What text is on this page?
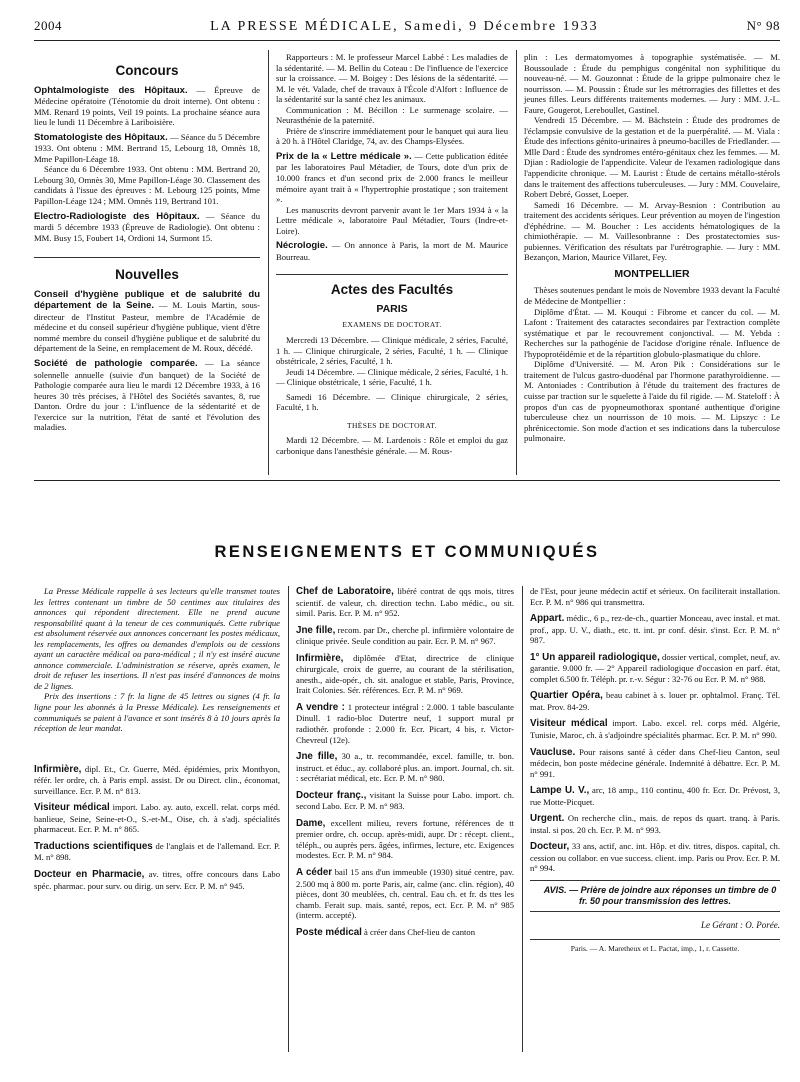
2004	LA PRESSE MÉDICALE, Samedi, 9 Décembre 1933	N° 98
Concours

Ophtalmologiste des Hôpitaux. — Épreuve de Médecine opératoire (Ténotomie du droit interne). Ont obtenu : MM. Renard 19 points, Veil 19 points. La prochaine séance aura lieu le lundi 11 Décembre à Lariboisière.

Stomatologiste des Hôpitaux. — Séance du 5 Décembre 1933. Ont obtenu : MM. Bertrand 15, Lebourg 18, Omnès 18, Mme Papillon-Léage 18.

Séance du 6 Décembre 1933. Ont obtenu : MM. Bertrand 20, Lebourg 30, Omnès 30, Mme Papillon-Léage 30. Classement des candidats à l'issue des épreuves : M. Lebourg 125 points, Mme Papillon-Léage 124 ; MM. Omnès 119, Bertrand 101.

Electro-Radiologiste des Hôpitaux. — Séance du mardi 5 décembre 1933 (Épreuve de Radiologie). Ont obtenu : MM. Busy 15, Foubert 14, Ordioni 14, Surmont 15.

Nouvelles

Conseil d'hygiène publique et de salubrité du département de la Seine. — M. Louis Martin, sous-directeur de l'Institut Pasteur, membre de l'Académie de médecine et du conseil supérieur d'hygiène publique, vient d'être nommé membre du conseil d'hygiène publique et de salubrité du département de la Seine, en remplacement de M. Roux, décédé.

Société de pathologie comparée. — La séance solennelle annuelle (suivie d'un banquet) de la Société de Pathologie comparée aura lieu le mardi 12 Décembre 1933, à 16 heures 30 très précises, à l'Hôtel des Sociétés savantes, 8, rue Danton. Ordre du jour : L'influence de la sédentarité et de l'exercice sur la nutrition, l'état de santé et l'évolution des maladies.

Rapporteurs : M. le professeur Marcel Labbé : Les maladies de la sédentarité. — M. Bellin du Coteau : De l'influence de l'exercice sur la croissance. — M. Boigey : Des lésions de la sédentarité. — M. le vét. Valade, chef de travaux à l'École d'Alfort : Influence de la sédentarité sur la santé chez les animaux.

Communication : M. Bécillon : Le surmenage scolaire. — Neurasthénie de la paternité.

Prière de s'inscrire immédiatement pour le banquet qui aura lieu à 20 h. à l'Hôtel Claridge, 74, av. des Champs-Elysées.

Prix de la « Lettre médicale ». — Cette publication éditée par les laboratoires Paul Métadier, de Tours, dote d'un prix de 10.000 francs et d'un second prix de 2.000 francs le meilleur mémoire ayant trait à « l'hypertrophie prostatique ; son traitement ».

Les manuscrits devront parvenir avant le 1er Mars 1934 à « la Lettre médicale », laboratoire Paul Métadier, Tours (Indre-et-Loire).

Nécrologie. — On annonce à Paris, la mort de M. Maurice Bourreau.

Actes des Facultés
PARIS

EXAMENS DE DOCTORAT.

Mercredi 13 Décembre. — Clinique médicale, 2 séries, Faculté, 1 h. — Clinique chirurgicale, 2 séries, Faculté, 1 h. — Clinique obstétricale, 2 séries, Faculté, 1 h.

Jeudi 14 Décembre. — Clinique médicale, 2 séries, Faculté, 1 h. — Clinique obstétricale, 1 série, Faculté, 1 h.

Samedi 16 Décembre. — Clinique chirurgicale, 2 séries, Faculté, 1 h.

THÈSES DE DOCTORAT.

Mardi 12 Décembre. — M. Lardenois : Rôle et emploi du gaz carbonique dans l'anesthésie générale. — M. Rous-

plin : Les dermatomyomes à topographie systématisée. — M. Boussoulade : Étude du pemphigus congénital non syphilitique du nouveau-né. — M. Gouzonnat : Étude de la grippe pulmonaire chez le nourrisson. — M. Poussin : Étude sur les métrorragies des fillettes et des jeunes filles. Leurs différents traitements modernes. — Jury : MM. J.-L. Faure, Gougerot, Lereboullet, Gastinel.

Vendredi 15 Décembre. — M. Bächstein : Étude des prodromes de l'éclampsie convulsive de la gestation et de la puerpéralité. — M. Viala : Étude des infections génito-urinaires à pneumo-bacilles de Friedlander. — Mlle Dard : Étude des syndromes entéro-génitaux chez les femmes. — M. Djian : Radiologie de l'appendicite. Valeur de l'examen radiologique dans l'appendicite chronique. — M. Laurist : Étude de certains métallo-stérols dans le traitement des affections tuberculeuses. — Jury : MM. Couvelaire, Robert Debré, Gosset, Loeper.

Samedi 16 Décembre. — M. Arvay-Besnion : Contribution au traitement des accidents sériques. Leur prévention au moyen de l'ingestion d'éphédrine. — M. Boucher : Les accidents hématologiques de la chimiothérapie. — M. Vaillesonbranne : Des prostatectomies sus-pubiennes. Vérification des résultats par l'urétrographie. — Jury : MM. Bezançon, Marion, Maurice Villaret, Fey.

MONTPELLIER

Thèses soutenues pendant le mois de Novembre 1933 devant la Faculté de Médecine de Montpellier :

Diplôme d'État. — M. Kouqui : Fibrome et cancer du col. — M. Lafont : Traitement des cataractes secondaires par l'extraction complète systématique et par le recouvrement conjonctival. — M. Yebda : Recherches sur la pathogénie de l'acidose d'origine rénale. Influence de l'hypoprotéidémie et de la répartition globulo-plasmatique du chlore.

Diplôme d'Université. — M. Aron Pik : Considérations sur le traitement de l'ulcus gastro-duodénal par l'hormone parathyroïdienne. — M. Antoniades : Contribution à l'étude du traitement des fractures de cuisse par traction sur le squelette à l'aide du fil rigide. — M. Stateloff : À propos d'un cas de pyopneumothorax spontané authentique d'origine tuberculeuse chez un nourrisson de 10 mois. — M. Lipszyc : Le phrénicectomie. Son mode d'action et ses indications dans la tuberculose pulmonaire.

RENSEIGNEMENTS ET COMMUNIQUÉS

La Presse Médicale rappelle à ses lecteurs qu'elle transmet toutes les lettres contenant un timbre de 50 centimes aux titulaires des annonces qui répondent directement. Elle ne prend aucune responsabilité quant à la teneur de ces communiqués. Cette rubrique est absolument réservée aux annonces concernant les postes médicaux, les remplacements, les offres ou demandes d'emplois ou de cessions ayant un caractère médical ou para-médical ; il n'y est inséré aucune annonce commerciale. L'administration se réserve, après examen, le droit de refuser les insertions. Il n'est pas inséré d'annonces de moins de 2 lignes.

Prix des insertions : 7 fr. la ligne de 45 lettres ou signes (4 fr. la ligne pour les abonnés à la Presse Médicale). Les renseignements et communiqués se paient à l'avance et sont insérés 8 à 10 jours après la réception de leur mandat.

Infirmière, dipl. Et., Cr. Guerre, Méd. épidémies, prix Monthyon, référ. ler ordre, ch. à Paris empl. assist. Dr ou Direct. clin., économat, surveillance. Ecr. P. M. n° 813.

Visiteur médical import. Labo. ay. auto, excell. relat. corps méd. banlieue, Seine, Seine-et-O., S.-et-M., Oise, ch. à s'adj. spécialités pharmaceut. Ecr. P. M. n° 865.

Traductions scientifiques de l'anglais et de l'allemand. Ecr. P. M. n° 898.

Docteur en Pharmacie, av. titres, offre concours dans Labo spéc. pharmac. pour surv. ou dirig. un serv. Ecr. P. M. n° 945.

Chef de Laboratoire, libéré contrat de qqs mois, titres scientif. de valeur, ch. direction techn. Labo médic., ou sit. simil. Paris. Ecr. P. M. n° 952.

Jne fille, recom. par Dr., cherche pl. infirmière volontaire de clinique privée. Seule condition au pair. Ecr. P. M. n° 967.

Infirmière, diplômée d'Etat, directrice de clinique chirurgicale, croix de guerre, au courant de la stérilisation, anesth., aide-opér., ch. sit. analogue et stable, Paris, Province, Irait Colonies. Sér. références. Ecr. P. M. n° 969.

A vendre : 1 protecteur intégral : 2.000. 1 table basculante Dinull. 1 radio-bloc Dutertre neuf, 1 support mural pr radiothér. profonde : 2.000 fr. Ecr. Picart, 4 bis, r. Victor-Chevreul (12e).

Jne fille, 30 a., tr. recommandée, excel. famille, tr. bon. instruct. et éduc., ay. collaboré plus. an. import. Journal, ch. sit. : secrétariat médical, etc. Ecr. P. M. n° 980.

Docteur franç., visitant la Suisse pour Labo. import. ch. second Labo. Ecr. P. M. n° 983.

Dame, excellent milieu, revers fortune, références de tt premier ordre, ch. occup. après-midi, aupr. Dr : récept. client., téléph., ou auprès pers. âgées, infirmes, lecture, etc. Exigences modestes. Ecr. P. M. n° 984.

A céder bail 15 ans d'un immeuble (1930) situé centre, pav. 2.500 mq à 800 m. porte Paris, air, calme (anc. clin. région), 40 pièces, dont 30 meublées, ch. central. Eau ch. et fr. ds ttes les chamb. Ferait sup. mais. santé, repos, ect. Ecr. P. M. n° 985 (interm. accepté).

Poste médical à créer dans Chef-lieu de canton

de l'Est, pour jeune médecin actif et sérieux. On faciliterait installation. Ecr. P. M. n° 986 qui transmettra.

Appart. médic., 6 p., rez-de-ch., quartier Monceau, avec instal. et mat. prof., app. U. V., diath., etc. tt. int. pr conf. désir. s'inst. Ecr. P. M. n° 987.

1° Un appareil radiologique, dossier vertical, complet, neuf, av. garantie. 9.000 fr. — 2° Appareil radiologique d'occasion en parf. état, complet 6.500 fr. Téléph. pr. r.-v. Ségur : 32-76 ou Ecr. P. M. n° 988.

Quartier Opéra, beau cabinet à s. louer pr. ophtalmol. Franç. Tél. mat. Prov. 84-29.

Visiteur médical import. Labo. excel. rel. corps méd. Algérie, Tunisie, Maroc, ch. à s'adjoindre spécialités pharmac. Ecr. P. M. n° 990.

Vaucluse. Pour raisons santé à céder dans Chef-lieu Canton, seul médecin, bon poste médecine générale. Indemnité à débattre. Ecr. P. M. n° 991.

Lampe U. V., arc, 18 amp., 110 continu, 400 fr. Ecr. Dr. Prévost, 3, rue Motte-Picquet.

Urgent. On recherche clin., mais. de repos ds quart. tranq. à Paris. instal. si pos. 20 ch. Ecr. P. M. n° 993.

Docteur, 33 ans, actif, anc. int. Hôp. et div. titres, dispos. capital, ch. cession ou collabor. en vue success. client. imp. Paris ou Prov. Ecr. P. M. n° 994.

AVIS. — Prière de joindre aux réponses un timbre de 0 fr. 50 pour transmission des lettres.

Le Gérant : O. Porée.

Paris. — A. Maretheux et L. Pactat, imp., 1, r. Cassette.
